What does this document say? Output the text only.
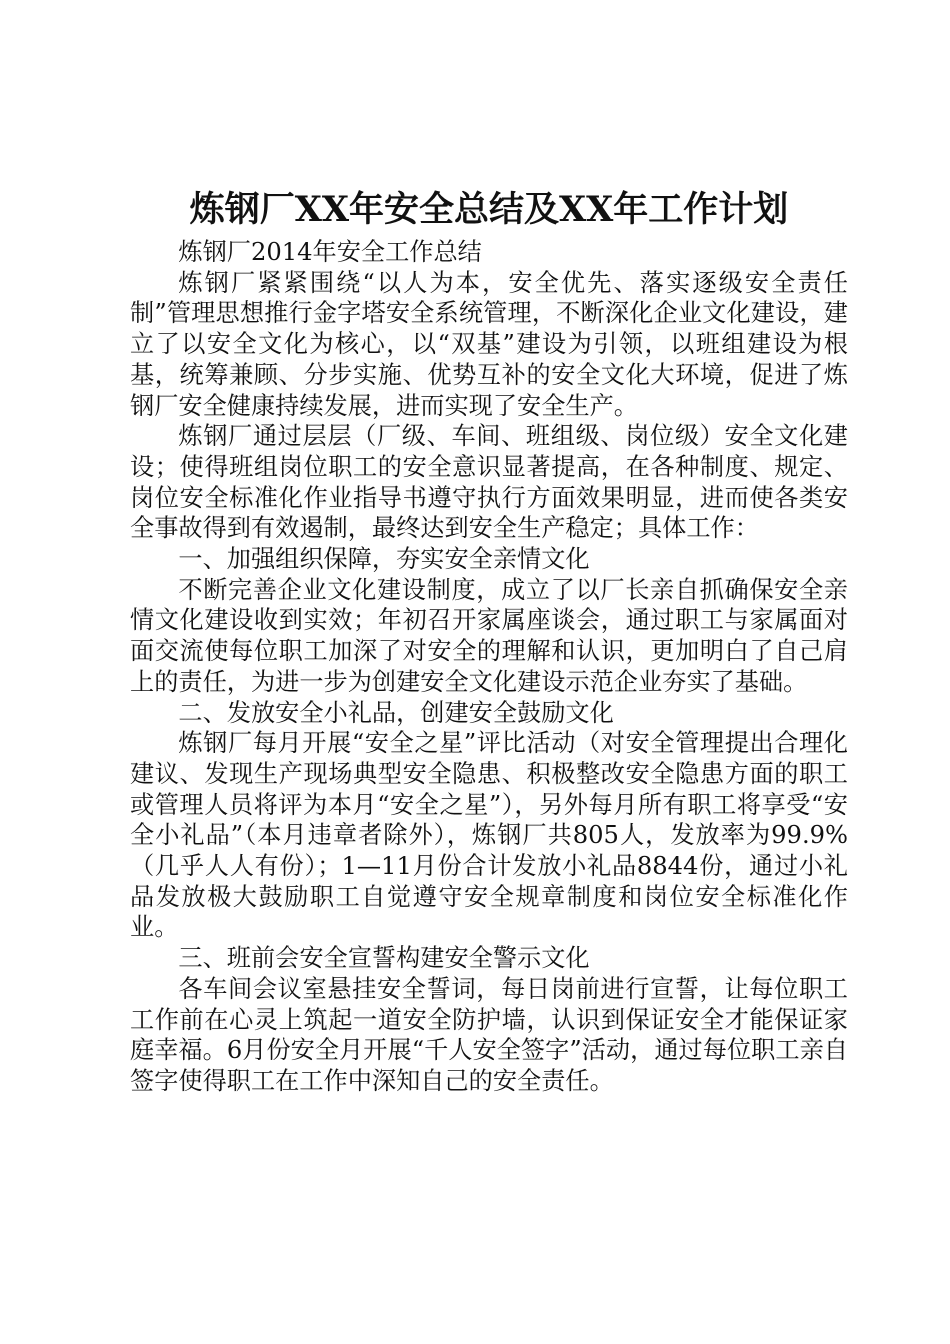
炼钢厂XX年安全总结及XX年工作计划

炼钢厂2014年安全工作总结

炼钢厂紧紧围绕“以人为本，安全优先、落实逐级安全责任制”管理思想推行金字塔安全系统管理，不断深化企业文化建设，建立了以安全文化为核心，以“双基”建设为引领，以班组建设为根基，统筹兼顾、分步实施、优势互补的安全文化大环境，促进了炼钢厂安全健康持续发展，进而实现了安全生产。

炼钢厂通过层层（厂级、车间、班组级、岗位级）安全文化建设；使得班组岗位职工的安全意识显著提高，在各种制度、规定、岗位安全标准化作业指导书遵守执行方面效果明显，进而使各类安全事故得到有效遏制，最终达到安全生产稳定；具体工作：

一、加强组织保障，夯实安全亲情文化

不断完善企业文化建设制度，成立了以厂长亲自抓确保安全亲情文化建设收到实效；年初召开家属座谈会，通过职工与家属面对面交流使每位职工加深了对安全的理解和认识，更加明白了自己肩上的责任，为进一步为创建安全文化建设示范企业夯实了基础。

二、发放安全小礼品，创建安全鼓励文化

炼钢厂每月开展“安全之星”评比活动（对安全管理提出合理化建议、发现生产现场典型安全隐患、积极整改安全隐患方面的职工或管理人员将评为本月“安全之星”），另外每月所有职工将享受“安全小礼品”（本月违章者除外），炼钢厂共805人，发放率为99.9%（几乎人人有份）；1—11月份合计发放小礼品8844份，通过小礼品发放极大鼓励职工自觉遵守安全规章制度和岗位安全标准化作业。

三、班前会安全宣誓构建安全警示文化

各车间会议室悬挂安全誓词，每日岗前进行宣誓，让每位职工工作前在心灵上筑起一道安全防护墙，认识到保证安全才能保证家庭幸福。6月份安全月开展“千人安全签字”活动，通过每位职工亲自签字使得职工在工作中深知自己的安全责任。
